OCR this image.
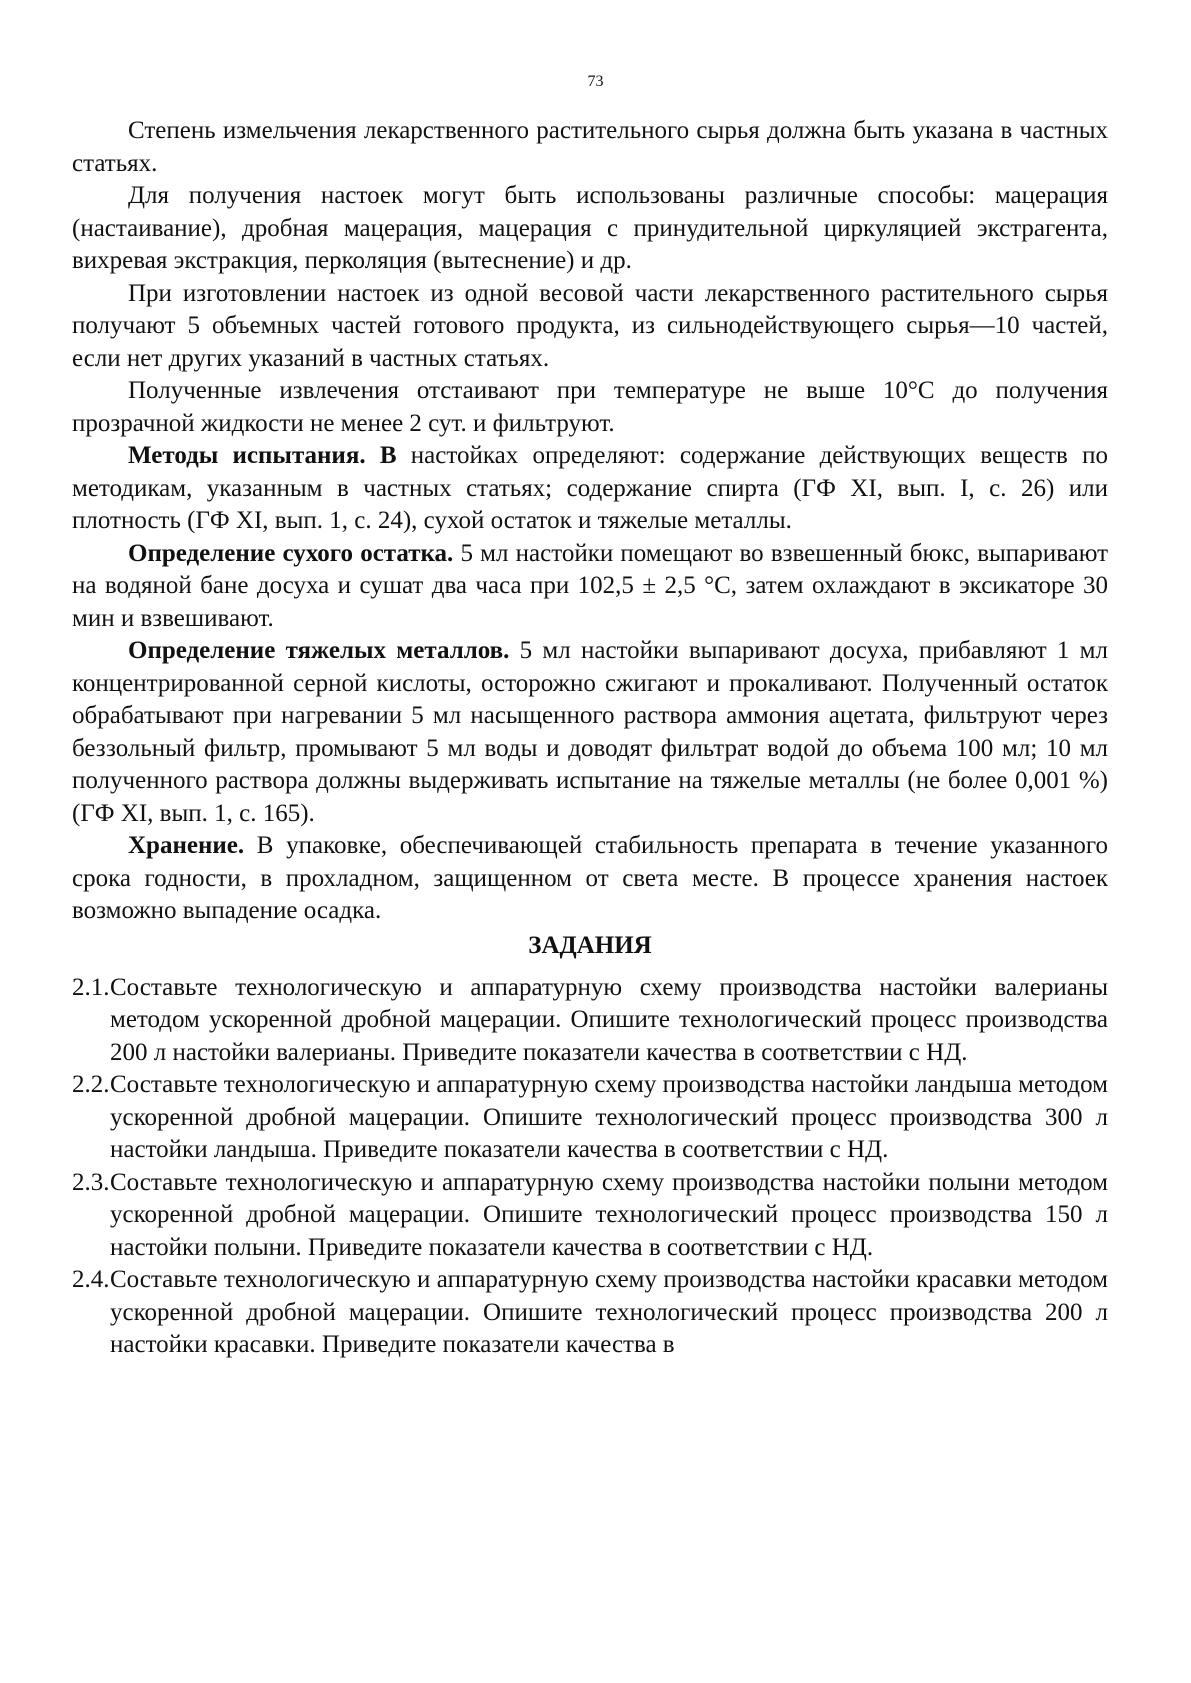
73

Степень измельчения лекарственного растительного сырья должна быть указана в частных статьях.

Для получения настоек могут быть использованы различные способы: мацерация (настаивание), дробная мацерация, мацерация с принудительной циркуляцией экстрагента, вихревая экстракция, перколяция (вытеснение) и др.

При изготовлении настоек из одной весовой части лекарственного растительного сырья получают 5 объемных частей готового продукта, из сильнодействующего сырья—10 частей, если нет других указаний в частных статьях.

Полученные извлечения отстаивают при температуре не выше 10°С до получения прозрачной жидкости не менее 2 сут. и фильтруют.

Методы испытания. В настойках определяют: содержание действующих веществ по методикам, указанным в частных статьях; содержание спирта (ГФ XI, вып. I, с. 26) или плотность (ГФ XI, вып. 1, с. 24), сухой остаток и тяжелые металлы.

Определение сухого остатка. 5 мл настойки помещают во взвешенный бюкс, выпаривают на водяной бане досуха и сушат два часа при 102,5 ± 2,5 °С, затем охлаждают в эксикаторе 30 мин и взвешивают.

Определение тяжелых металлов. 5 мл настойки выпаривают досуха, прибавляют 1 мл концентрированной серной кислоты, осторожно сжигают и прокаливают. Полученный остаток обрабатывают при нагревании 5 мл насыщенного раствора аммония ацетата, фильтруют через беззольный фильтр, промывают 5 мл воды и доводят фильтрат водой до объема 100 мл; 10 мл полученного раствора должны выдерживать испытание на тяжелые металлы (не более 0,001 %) (ГФ XI, вып. 1, с. 165).

Хранение. В упаковке, обеспечивающей стабильность препарата в течение указанного срока годности, в прохладном, защищенном от света месте. В процессе хранения настоек возможно выпадение осадка.

ЗАДАНИЯ
2.1. Составьте технологическую и аппаратурную схему производства настойки валерианы методом ускоренной дробной мацерации. Опишите технологический процесс производства 200 л настойки валерианы. Приведите показатели качества в соответствии с НД.
2.2. Составьте технологическую и аппаратурную схему производства настойки ландыша методом ускоренной дробной мацерации. Опишите технологический процесс производства 300 л настойки ландыша. Приведите показатели качества в соответствии с НД.
2.3. Составьте технологическую и аппаратурную схему производства настойки полыни методом ускоренной дробной мацерации. Опишите технологический процесс производства 150 л настойки полыни. Приведите показатели качества в соответствии с НД.
2.4. Составьте технологическую и аппаратурную схему производства настойки красавки методом ускоренной дробной мацерации. Опишите технологический процесс производства 200 л настойки красавки. Приведите показатели качества в
